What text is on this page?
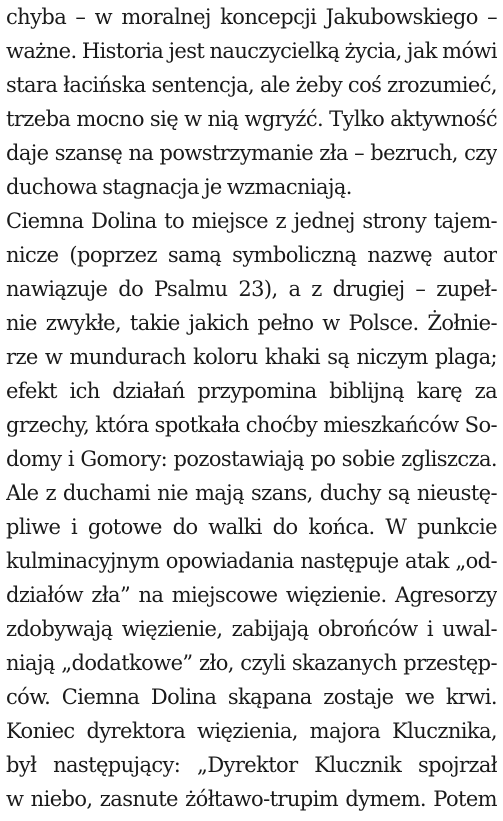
chyba – w moralnej koncepcji Jakubowskiego –
ważne. Historia jest nauczycielką życia, jak mówi
stara łacińska sentencja, ale żeby coś zrozumieć,
trzeba mocno się w nią wgryźć. Tylko aktywność
daje szansę na powstrzymanie zła – bezruch, czy
duchowa stagnacja je wzmacniają.
Ciemna Dolina to miejsce z jednej strony tajem-
nicze (poprzez samą symboliczną nazwę autor
nawiązuje do Psalmu 23), a z drugiej – zupeł-
nie zwykłe, takie jakich pełno w Polsce. Żołnie-
rze w mundurach koloru khaki są niczym plaga;
efekt ich działań przypomina biblijną karę za
grzechy, która spotkała choćby mieszkańców So-
domy i Gomory: pozostawiają po sobie zgliszcza.
Ale z duchami nie mają szans, duchy są nieustę-
pliwe i gotowe do walki do końca. W punkcie
kulminacyjnym opowiadania następuje atak „od-
działów zła” na miejscowe więzienie. Agresorzy
zdobywają więzienie, zabijają obrońców i uwal-
niają „dodatkowe” zło, czyli skazanych przestęp-
ców. Ciemna Dolina skąpana zostaje we krwi.
Koniec dyrektora więzienia, majora Klucznika,
był następujący: „Dyrektor Klucznik spojrzał
w niebo, zasnute żółtawo-trupim dymem. Potem
